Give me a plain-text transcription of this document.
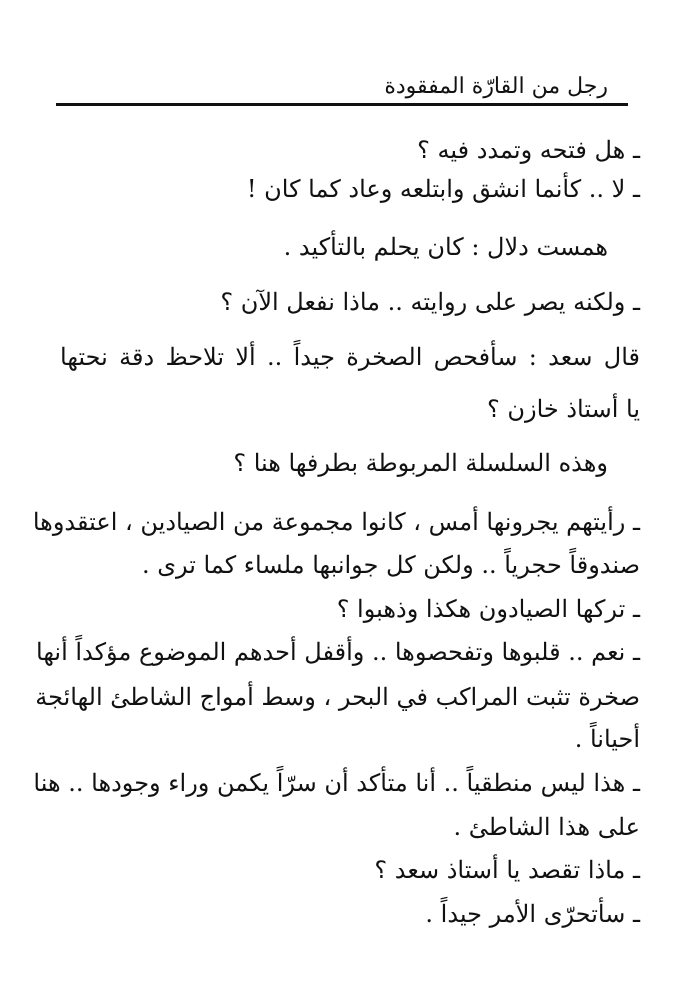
رجل من القارّة المفقودة
ـ هل فتحه وتمدد فيه ؟
ـ لا .. كأنما انشق وابتلعه وعاد كما كان !
همست دلال : كان يحلم بالتأكيد .
ـ ولكنه يصر على روايته .. ماذا نفعل الآن ؟
قال سعد : سأفحص الصخرة جيداً .. ألا تلاحظ دقة نحتها
يا أستاذ خازن ؟
وهذه السلسلة المربوطة بطرفها هنا ؟
ـ رأيتهم يجرونها أمس ، كانوا مجموعة من الصيادين ، اعتقدوها
صندوقاً حجرياً .. ولكن كل جوانبها ملساء كما ترى .
ـ تركها الصيادون هكذا وذهبوا ؟
ـ نعم .. قلبوها وتفحصوها .. وأقفل أحدهم الموضوع مؤكداً أنها
صخرة تثبت المراكب في البحر ، وسط أمواج الشاطئ الهائجة
أحياناً .
ـ هذا ليس منطقياً .. أنا متأكد أن سرّاً يكمن وراء وجودها .. هنا
على هذا الشاطئ .
ـ ماذا تقصد يا أستاذ سعد ؟
ـ سأتحرّى الأمر جيداً .
